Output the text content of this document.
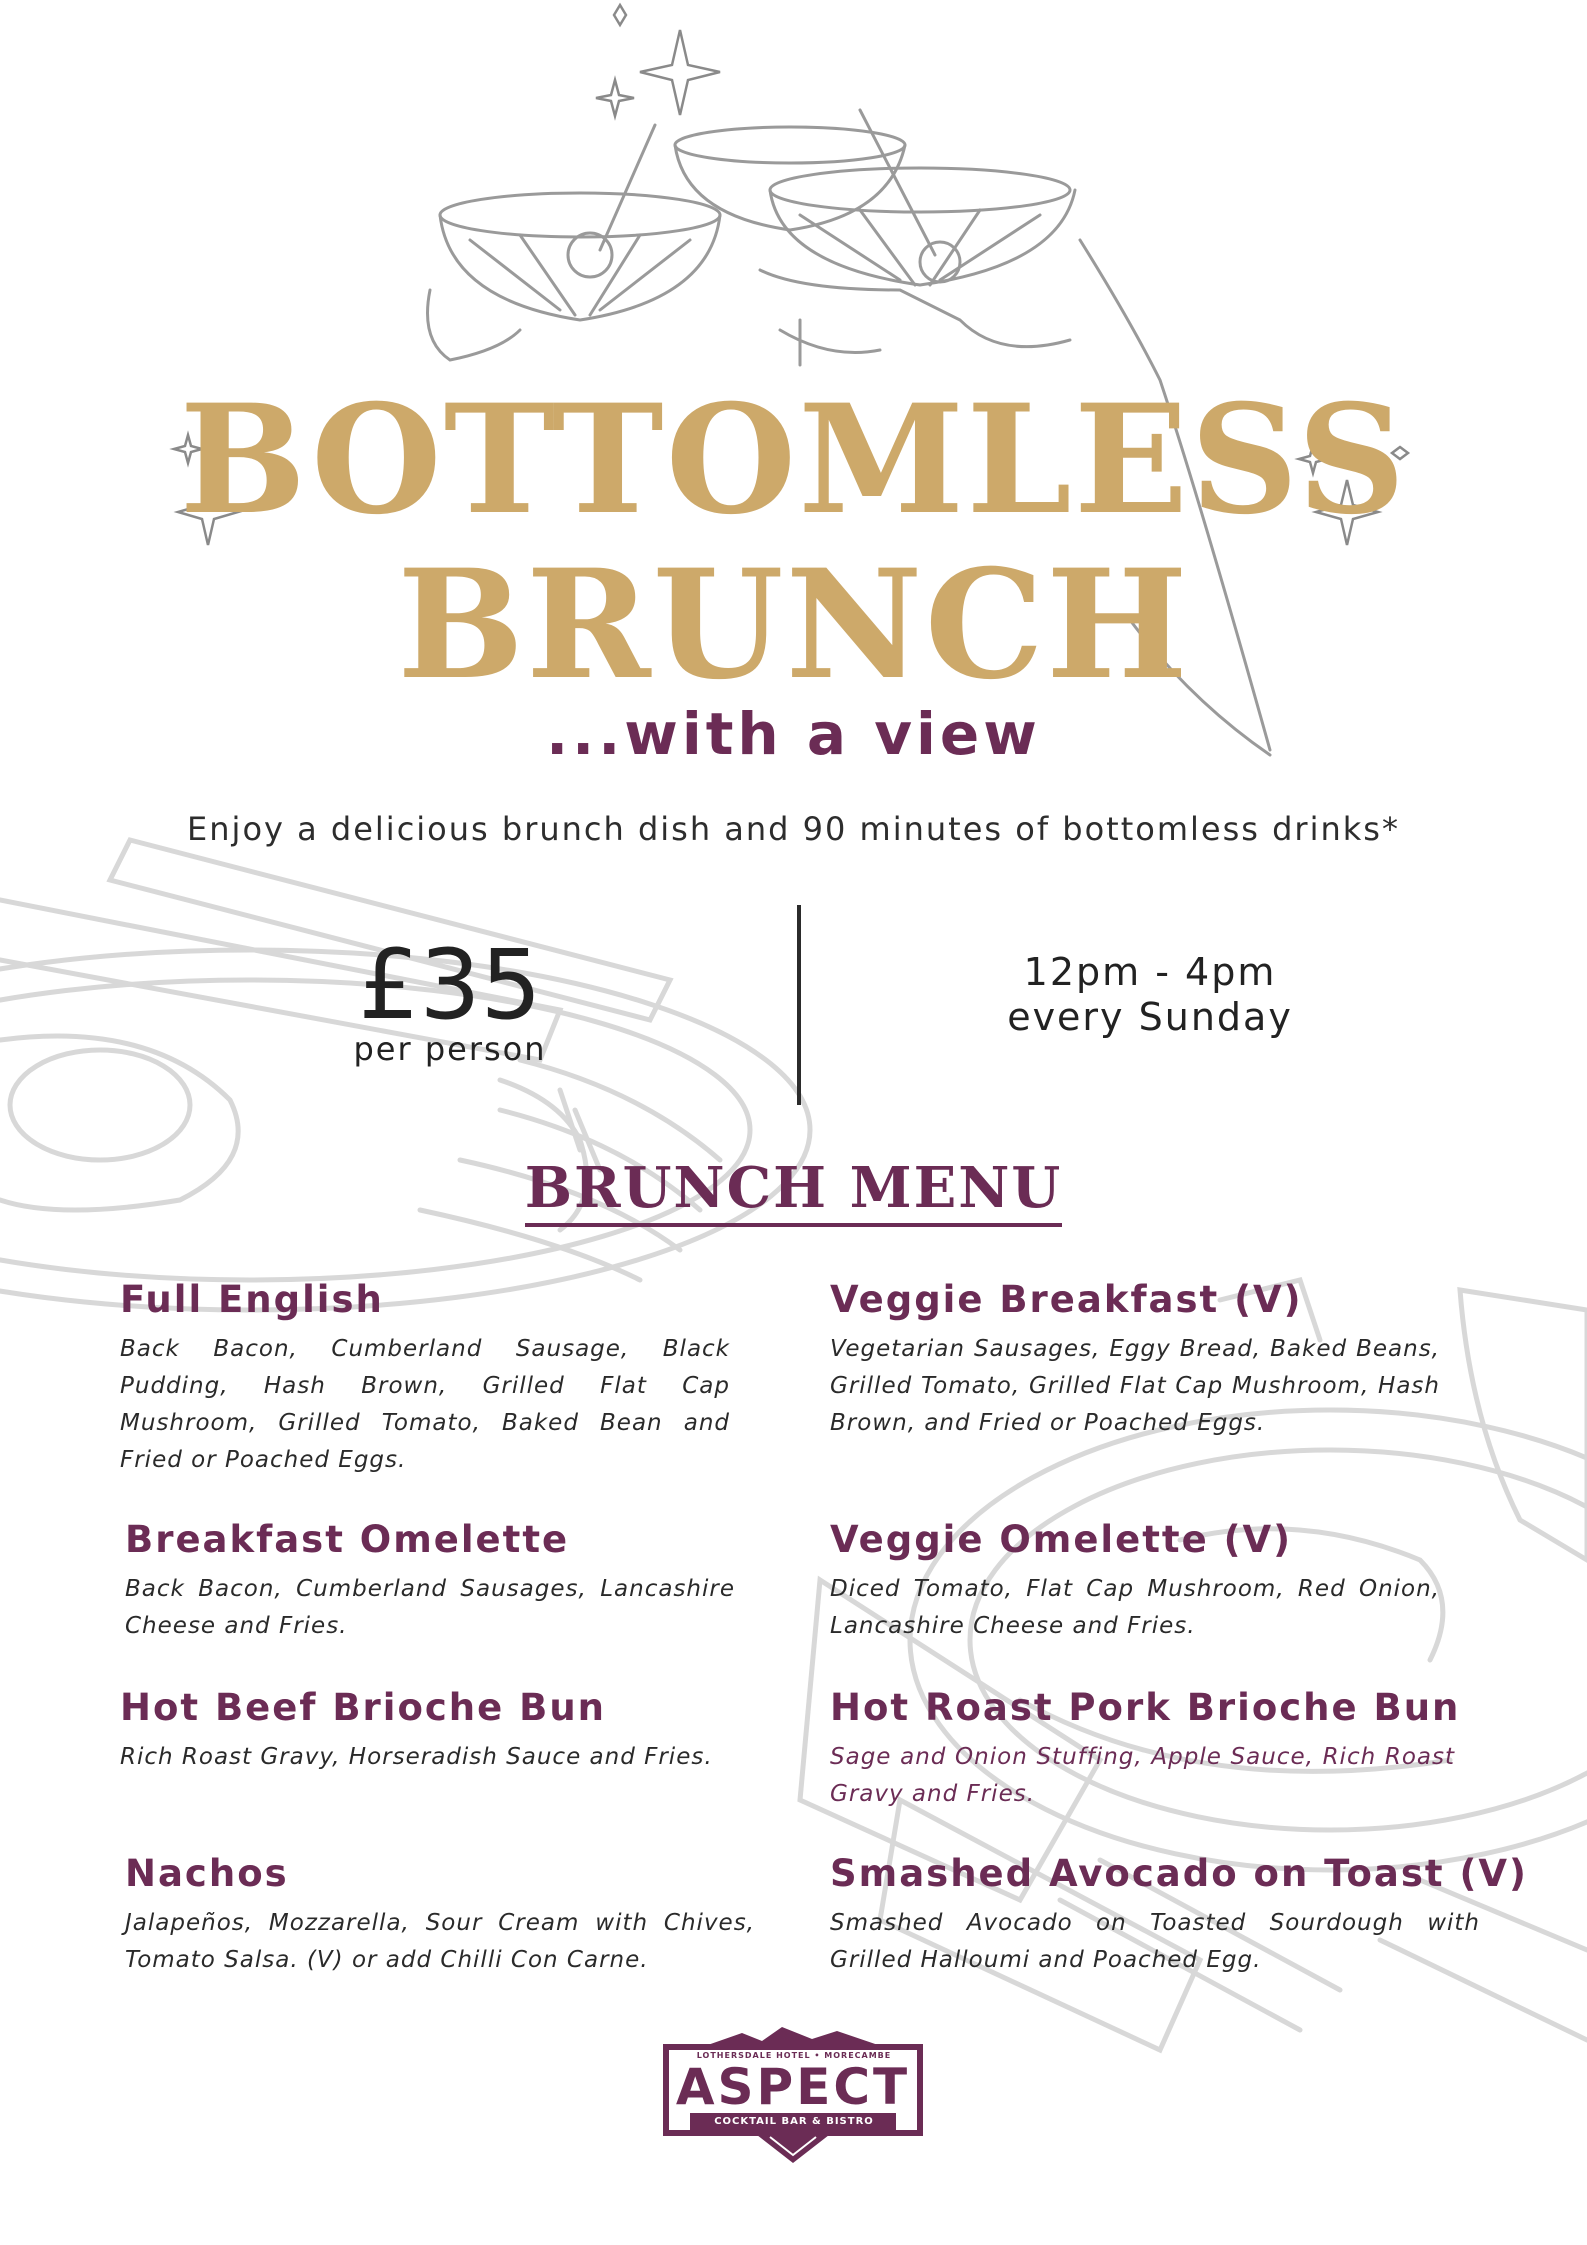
BOTTOMLESS
BRUNCH
...with a view
Enjoy a delicious brunch dish and 90 minutes of bottomless drinks*
£35
per person
12pm - 4pm
every Sunday
BRUNCH MENU
Full English

Back Bacon, Cumberland Sausage, Black Pudding, Hash Brown, Grilled Flat Cap Mushroom, Grilled Tomato, Baked Bean and Fried or Poached Eggs.

Breakfast Omelette

Back Bacon, Cumberland Sausages, Lancashire Cheese and Fries.

Hot Beef Brioche Bun

Rich Roast Gravy, Horseradish Sauce and Fries.

Nachos

Jalapeños, Mozzarella, Sour Cream with Chives, Tomato Salsa. (V) or add Chilli Con Carne.

Veggie Breakfast (V)

Vegetarian Sausages, Eggy Bread, Baked Beans, Grilled Tomato, Grilled Flat Cap Mushroom, Hash Brown, and Fried or Poached Eggs.

Veggie Omelette (V)

Diced Tomato, Flat Cap Mushroom, Red Onion, Lancashire Cheese and Fries.

Hot Roast Pork Brioche Bun

Sage and Onion Stuffing, Apple Sauce, Rich Roast Gravy and Fries.

Smashed Avocado on Toast (V)

Smashed Avocado on Toasted Sourdough with Grilled Halloumi and Poached Egg.

LOTHERSDALE HOTEL • MORECAMBE
ASPECT
COCKTAIL BAR & BISTRO
